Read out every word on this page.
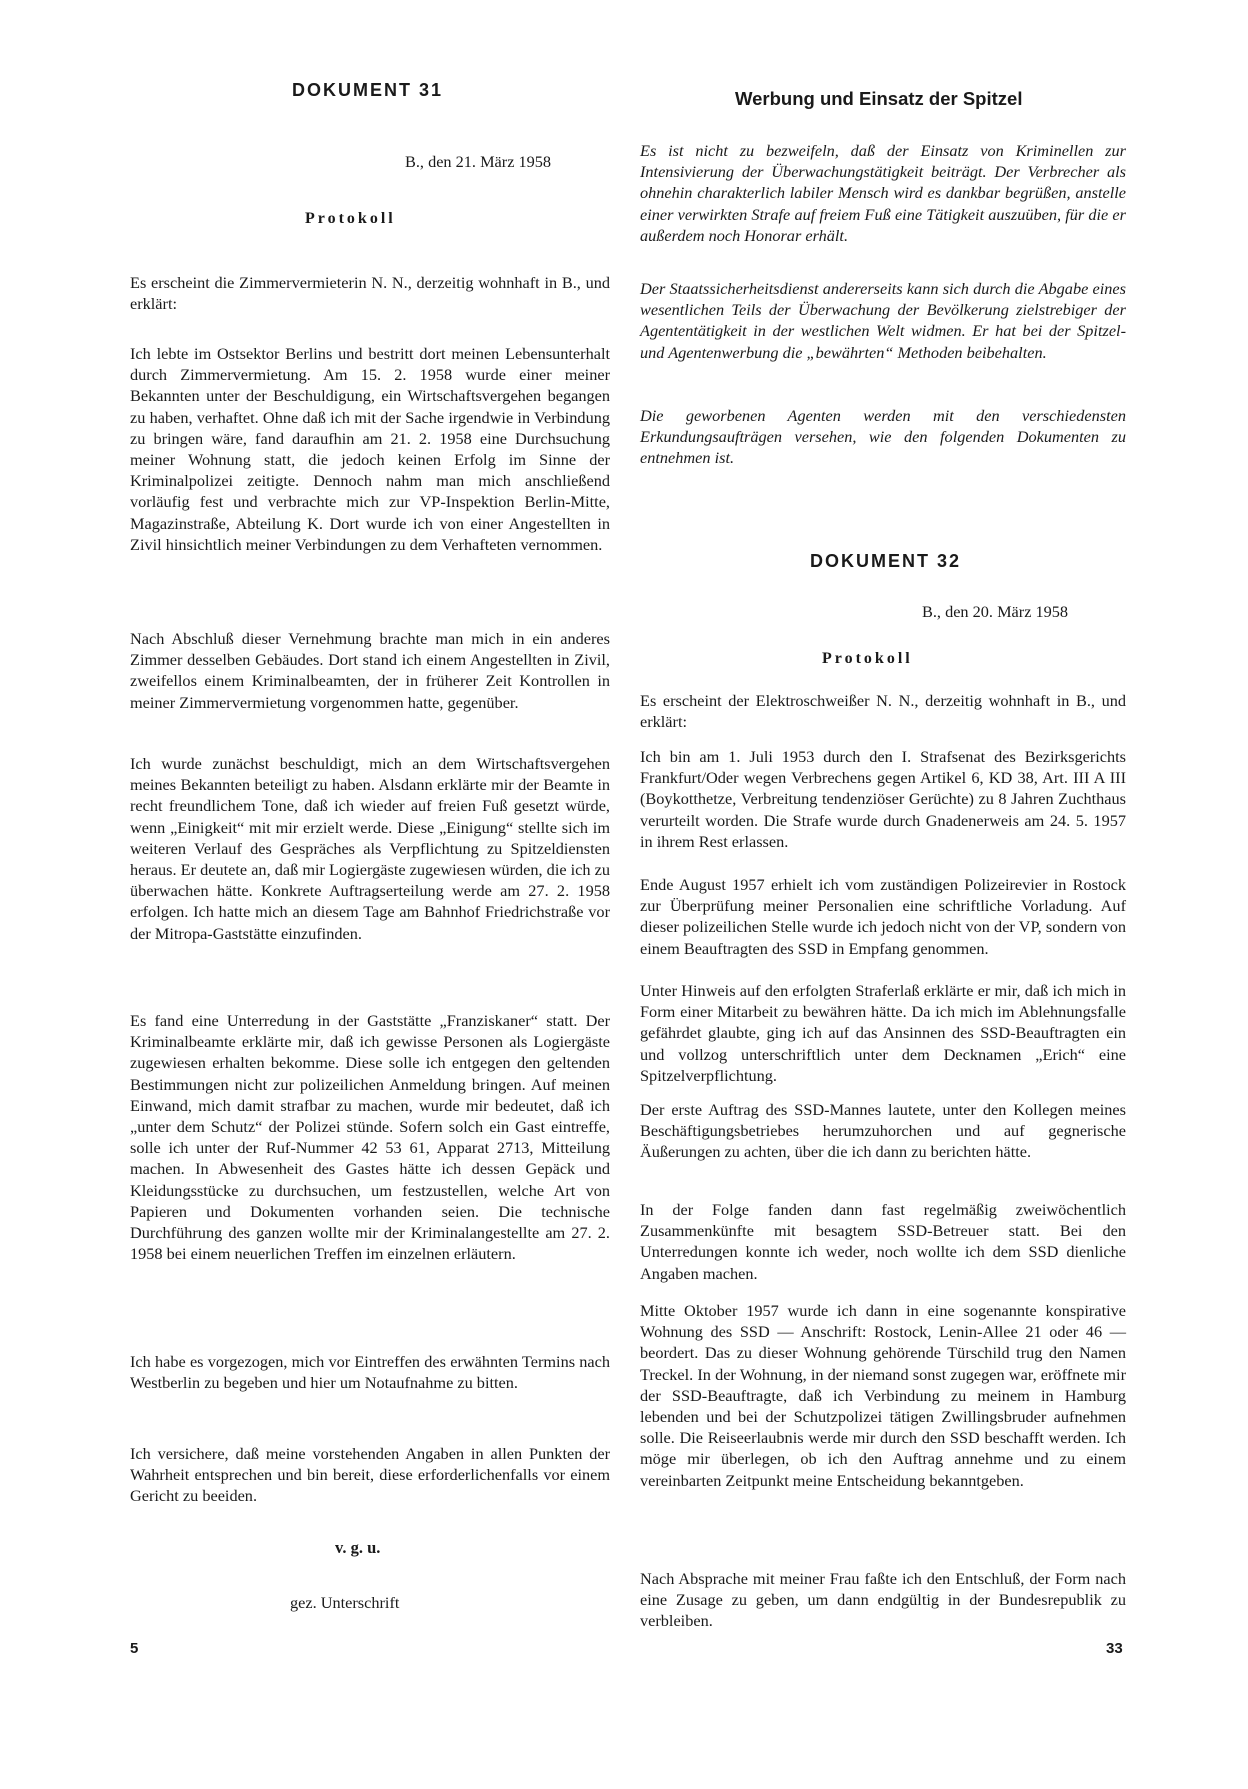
DOKUMENT 31
B., den 21. März 1958
Protokoll

Es erscheint die Zimmervermieterin N. N., derzeitig wohnhaft in B., und erklärt:

Ich lebte im Ostsektor Berlins und bestritt dort meinen Lebensunterhalt durch Zimmervermietung. Am 15. 2. 1958 wurde einer meiner Bekannten unter der Beschuldigung, ein Wirtschaftsvergehen begangen zu haben, verhaftet. Ohne daß ich mit der Sache irgendwie in Verbindung zu bringen wäre, fand daraufhin am 21. 2. 1958 eine Durchsuchung meiner Wohnung statt, die jedoch keinen Erfolg im Sinne der Kriminalpolizei zeitigte. Dennoch nahm man mich anschließend vorläufig fest und verbrachte mich zur VP-Inspektion Berlin-Mitte, Magazinstraße, Abteilung K. Dort wurde ich von einer Angestellten in Zivil hinsichtlich meiner Verbindungen zu dem Verhafteten vernommen.

Nach Abschluß dieser Vernehmung brachte man mich in ein anderes Zimmer desselben Gebäudes. Dort stand ich einem Angestellten in Zivil, zweifellos einem Kriminalbeamten, der in früherer Zeit Kontrollen in meiner Zimmervermietung vorgenommen hatte, gegenüber.

Ich wurde zunächst beschuldigt, mich an dem Wirtschaftsvergehen meines Bekannten beteiligt zu haben. Alsdann erklärte mir der Beamte in recht freundlichem Tone, daß ich wieder auf freien Fuß gesetzt würde, wenn „Einigkeit“ mit mir erzielt werde. Diese „Einigung“ stellte sich im weiteren Verlauf des Gespräches als Verpflichtung zu Spitzeldiensten heraus. Er deutete an, daß mir Logiergäste zugewiesen würden, die ich zu überwachen hätte. Konkrete Auftragserteilung werde am 27. 2. 1958 erfolgen. Ich hatte mich an diesem Tage am Bahnhof Friedrichstraße vor der Mitropa-Gaststätte einzufinden.

Es fand eine Unterredung in der Gaststätte „Franziskaner“ statt. Der Kriminalbeamte erklärte mir, daß ich gewisse Personen als Logiergäste zugewiesen erhalten bekomme. Diese solle ich entgegen den geltenden Bestimmungen nicht zur polizeilichen Anmeldung bringen. Auf meinen Einwand, mich damit strafbar zu machen, wurde mir bedeutet, daß ich „unter dem Schutz“ der Polizei stünde. Sofern solch ein Gast eintreffe, solle ich unter der Ruf-Nummer 42 53 61, Apparat 2713, Mitteilung machen. In Abwesenheit des Gastes hätte ich dessen Gepäck und Kleidungsstücke zu durchsuchen, um festzustellen, welche Art von Papieren und Dokumenten vorhanden seien. Die technische Durchführung des ganzen wollte mir der Kriminalangestellte am 27. 2. 1958 bei einem neuerlichen Treffen im einzelnen erläutern.

Ich habe es vorgezogen, mich vor Eintreffen des erwähnten Termins nach Westberlin zu begeben und hier um Notaufnahme zu bitten.

Ich versichere, daß meine vorstehenden Angaben in allen Punkten der Wahrheit entsprechen und bin bereit, diese erforderlichenfalls vor einem Gericht zu beeiden.

v. g. u.
gez. Unterschrift
5
Werbung und Einsatz der Spitzel

Es ist nicht zu bezweifeln, daß der Einsatz von Kriminellen zur Intensivierung der Überwachungstätigkeit beiträgt. Der Verbrecher als ohnehin charakterlich labiler Mensch wird es dankbar begrüßen, anstelle einer verwirkten Strafe auf freiem Fuß eine Tätigkeit auszuüben, für die er außerdem noch Honorar erhält.

Der Staatssicherheitsdienst andererseits kann sich durch die Abgabe eines wesentlichen Teils der Überwachung der Bevölkerung zielstrebiger der Agententätigkeit in der westlichen Welt widmen. Er hat bei der Spitzel- und Agentenwerbung die „bewährten“ Methoden beibehalten.

Die geworbenen Agenten werden mit den verschiedensten Erkundungsaufträgen versehen, wie den folgenden Dokumenten zu entnehmen ist.

DOKUMENT 32
B., den 20. März 1958
Protokoll

Es erscheint der Elektroschweißer N. N., derzeitig wohnhaft in B., und erklärt:

Ich bin am 1. Juli 1953 durch den I. Strafsenat des Bezirksgerichts Frankfurt/Oder wegen Verbrechens gegen Artikel 6, KD 38, Art. III A III (Boykotthetze, Verbreitung tendenziöser Gerüchte) zu 8 Jahren Zuchthaus verurteilt worden. Die Strafe wurde durch Gnadenerweis am 24. 5. 1957 in ihrem Rest erlassen.

Ende August 1957 erhielt ich vom zuständigen Polizeirevier in Rostock zur Überprüfung meiner Personalien eine schriftliche Vorladung. Auf dieser polizeilichen Stelle wurde ich jedoch nicht von der VP, sondern von einem Beauftragten des SSD in Empfang genommen.

Unter Hinweis auf den erfolgten Straferlaß erklärte er mir, daß ich mich in Form einer Mitarbeit zu bewähren hätte. Da ich mich im Ablehnungsfalle gefährdet glaubte, ging ich auf das Ansinnen des SSD-Beauftragten ein und vollzog unterschriftlich unter dem Decknamen „Erich“ eine Spitzelverpflichtung.

Der erste Auftrag des SSD-Mannes lautete, unter den Kollegen meines Beschäftigungsbetriebes herumzuhorchen und auf gegnerische Äußerungen zu achten, über die ich dann zu berichten hätte.

In der Folge fanden dann fast regelmäßig zweiwöchentlich Zusammenkünfte mit besagtem SSD-Betreuer statt. Bei den Unterredungen konnte ich weder, noch wollte ich dem SSD dienliche Angaben machen.

Mitte Oktober 1957 wurde ich dann in eine sogenannte konspirative Wohnung des SSD — Anschrift: Rostock, Lenin-Allee 21 oder 46 — beordert. Das zu dieser Wohnung gehörende Türschild trug den Namen Treckel. In der Wohnung, in der niemand sonst zugegen war, eröffnete mir der SSD-Beauftragte, daß ich Verbindung zu meinem in Hamburg lebenden und bei der Schutzpolizei tätigen Zwillingsbruder aufnehmen solle. Die Reiseerlaubnis werde mir durch den SSD beschafft werden. Ich möge mir überlegen, ob ich den Auftrag annehme und zu einem vereinbarten Zeitpunkt meine Entscheidung bekanntgeben.

Nach Absprache mit meiner Frau faßte ich den Entschluß, der Form nach eine Zusage zu geben, um dann endgültig in der Bundesrepublik zu verbleiben.

33
